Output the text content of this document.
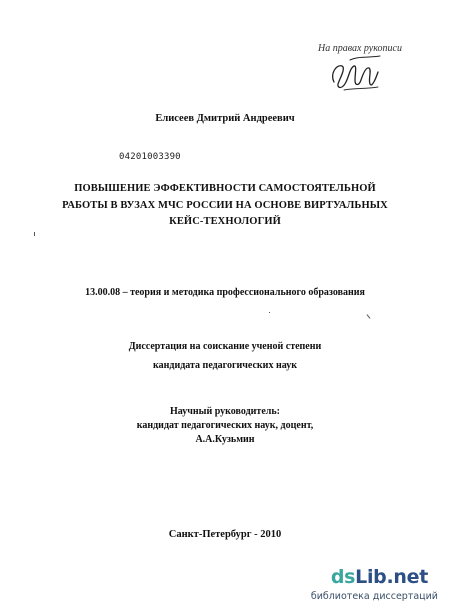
На правах рукописи
Елисеев Дмитрий Андреевич
04201003390
ПОВЫШЕНИЕ ЭФФЕКТИВНОСТИ САМОСТОЯТЕЛЬНОЙ
РАБОТЫ В ВУЗАХ МЧС РОССИИ НА ОСНОВЕ ВИРТУАЛЬНЫХ
КЕЙС-ТЕХНОЛОГИЙ
13.00.08 – теория и методика профессионального образования
Диссертация на соискание ученой степени
кандидата педагогических наук
Научный руководитель:
кандидат педагогических наук, доцент,
А.А.Кузьмин
Санкт-Петербург - 2010
dsLib.net
библиотека диссертаций
